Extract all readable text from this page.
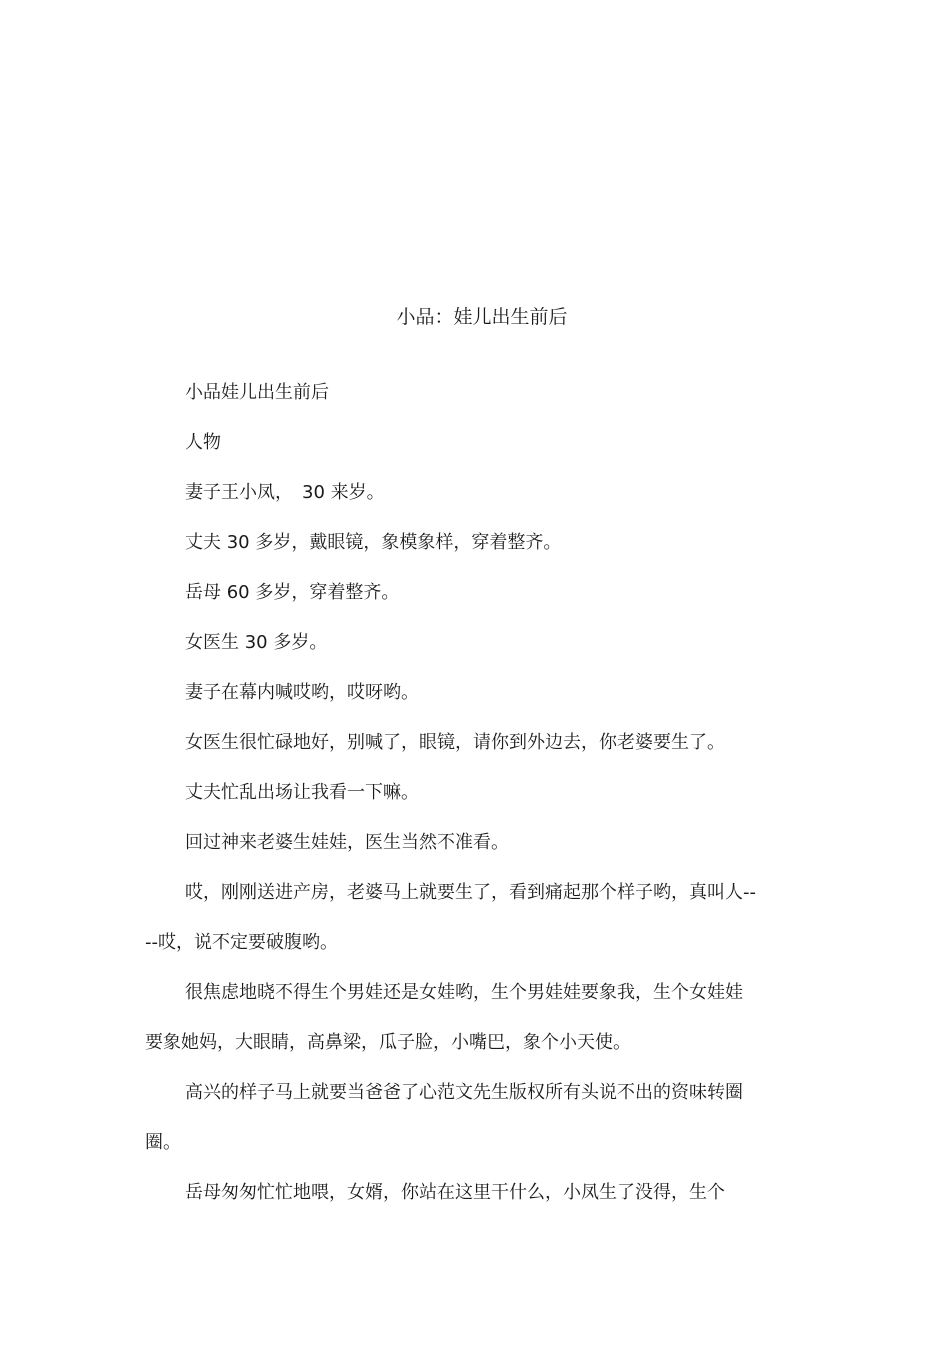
小品：娃儿出生前后

小品娃儿出生前后

人物

妻子王小凤，　30 来岁。

丈夫 30 多岁，戴眼镜，象模象样，穿着整齐。

岳母 60 多岁，穿着整齐。

女医生 30 多岁。

妻子在幕内喊哎哟，哎呀哟。

女医生很忙碌地好，别喊了，眼镜，请你到外边去，你老婆要生了。

丈夫忙乱出场让我看一下嘛。

回过神来老婆生娃娃，医生当然不准看。

哎，刚刚送进产房，老婆马上就要生了，看到痛起那个样子哟，真叫人----哎，说不定要破腹哟。

很焦虑地晓不得生个男娃还是女娃哟，生个男娃娃要象我，生个女娃娃要象她妈，大眼睛，高鼻梁，瓜子脸，小嘴巴，象个小天使。

高兴的样子马上就要当爸爸了心范文先生版权所有头说不出的资味转圈圈。

岳母匆匆忙忙地喂，女婿，你站在这里干什么，小凤生了没得，生个
